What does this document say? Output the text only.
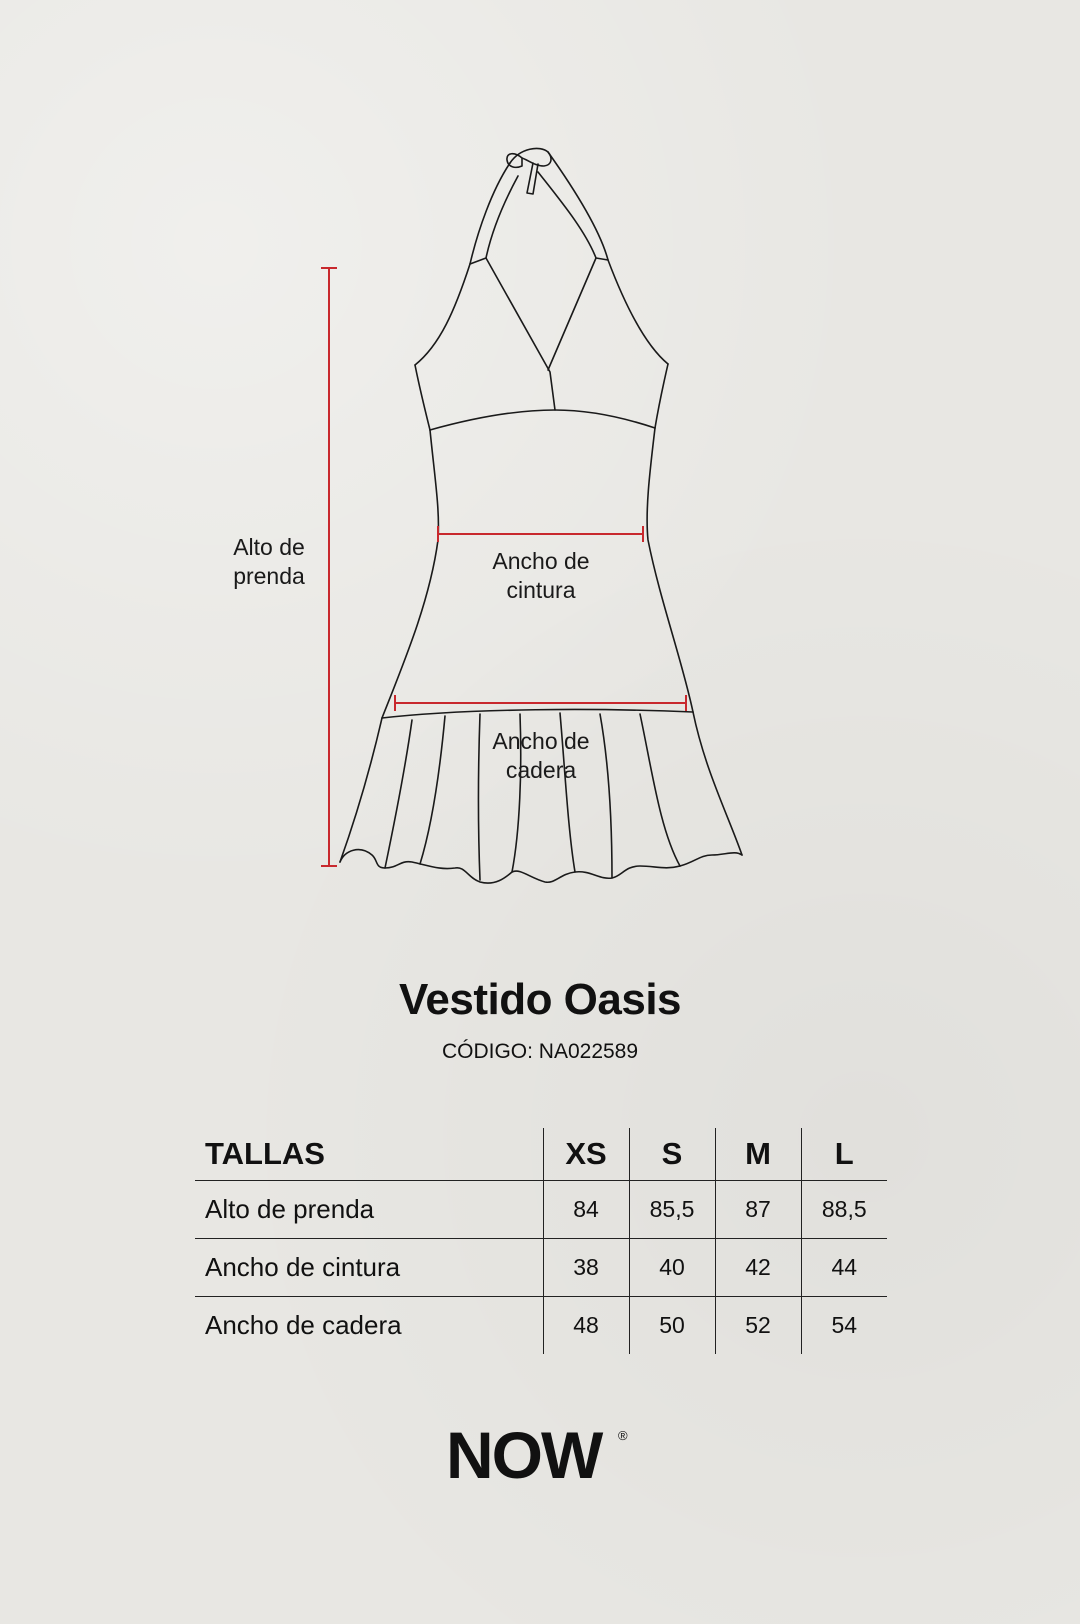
Alto de
prenda
Ancho de
cintura
Ancho de
cadera
Vestido Oasis
CÓDIGO: NA022589
TALLAS	XS	S	M	L
Alto de prenda	84	85,5	87	88,5
Ancho de cintura	38	40	42	44
Ancho de cadera	48	50	52	54
NOW ®
